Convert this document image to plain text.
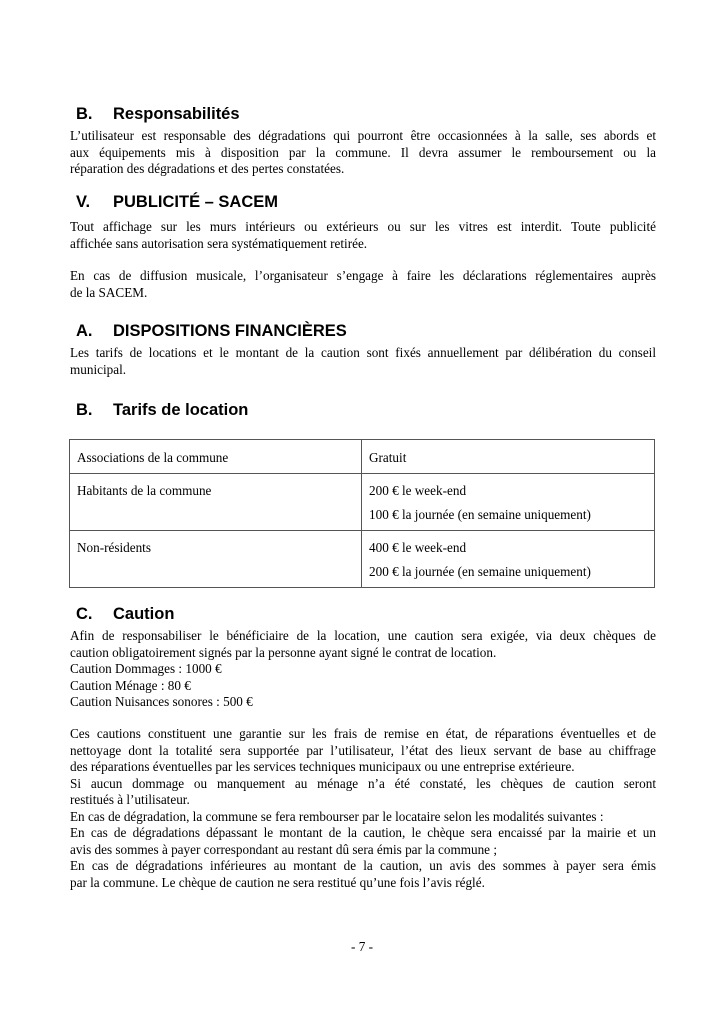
B. Responsabilités
L’utilisateur est responsable des dégradations qui pourront être occasionnées à la salle, ses abords et
aux équipements mis à disposition par la commune. Il devra assumer le remboursement ou la
réparation des dégradations et des pertes constatées.
V. PUBLICITÉ – SACEM
Tout affichage sur les murs intérieurs ou extérieurs ou sur les vitres est interdit. Toute publicité
affichée sans autorisation sera systématiquement retirée.
En cas de diffusion musicale, l’organisateur s’engage à faire les déclarations réglementaires auprès
de la SACEM.
A. DISPOSITIONS FINANCIÈRES
Les tarifs de locations et le montant de la caution sont fixés annuellement par délibération du conseil
municipal.
B. Tarifs de location
Associations de la commune	Gratuit

Habitants de la commune	200 € le week-end
100 € la journée (en semaine uniquement)

Non-résidents	400 € le week-end
200 € la journée (en semaine uniquement)
C. Caution
Afin de responsabiliser le bénéficiaire de la location, une caution sera exigée, via deux chèques de
caution obligatoirement signés par la personne ayant signé le contrat de location.
Caution Dommages : 1000 €
Caution Ménage : 80 €
Caution Nuisances sonores : 500 €
Ces cautions constituent une garantie sur les frais de remise en état, de réparations éventuelles et de
nettoyage dont la totalité sera supportée par l’utilisateur, l’état des lieux servant de base au chiffrage
des réparations éventuelles par les services techniques municipaux ou une entreprise extérieure.
Si aucun dommage ou manquement au ménage n’a été constaté, les chèques de caution seront
restitués à l’utilisateur.
En cas de dégradation, la commune se fera rembourser par le locataire selon les modalités suivantes :
En cas de dégradations dépassant le montant de la caution, le chèque sera encaissé par la mairie et un
avis des sommes à payer correspondant au restant dû sera émis par la commune ;
En cas de dégradations inférieures au montant de la caution, un avis des sommes à payer sera émis
par la commune. Le chèque de caution ne sera restitué qu’une fois l’avis réglé.
- 7 -
